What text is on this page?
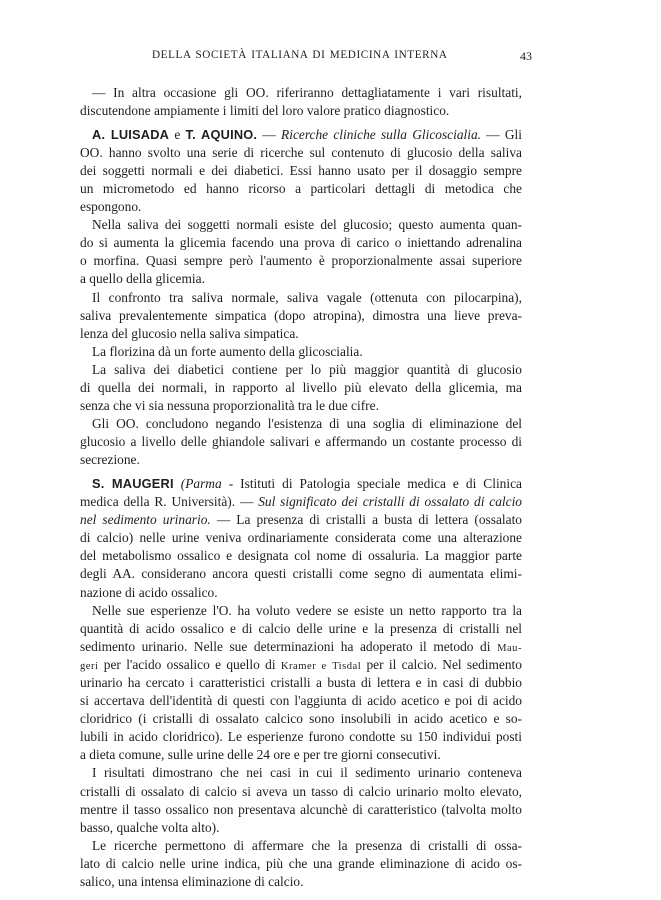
DELLA SOCIETÀ ITALIANA DI MEDICINA INTERNA	43
— In altra occasione gli OO. riferiranno dettagliatamente i vari risultati,
discutendone ampiamente i limiti del loro valore pratico diagnostico.
A. LUISADA e T. AQUINO. — Ricerche cliniche sulla Glicoscialia. — Gli
OO. hanno svolto una serie di ricerche sul contenuto di glucosio della saliva
dei soggetti normali e dei diabetici. Essi hanno usato per il dosaggio sempre
un micrometodo ed hanno ricorso a particolari dettagli di metodica che
espongono.
Nella saliva dei soggetti normali esiste del glucosio; questo aumenta quan-
do si aumenta la glicemia facendo una prova di carico o iniettando adrenalina
o morfina. Quasi sempre però l'aumento è proporzionalmente assai superiore
a quello della glicemia.
Il confronto tra saliva normale, saliva vagale (ottenuta con pilocarpina),
saliva prevalentemente simpatica (dopo atropina), dimostra una lieve preva-
lenza del glucosio nella saliva simpatica.
La florizina dà un forte aumento della glicoscialia.
La saliva dei diabetici contiene per lo più maggior quantità di glucosio
di quella dei normali, in rapporto al livello più elevato della glicemia, ma
senza che vi sia nessuna proporzionalità tra le due cifre.
Gli OO. concludono negando l'esistenza di una soglia di eliminazione del
glucosio a livello delle ghiandole salivari e affermando un costante processo di
secrezione.
S. MAUGERI (Parma - Istituti di Patologia speciale medica e di Clinica
medica della R. Università). — Sul significato dei cristalli di ossalato di calcio
nel sedimento urinario. — La presenza di cristalli a busta di lettera (ossalato
di calcio) nelle urine veniva ordinariamente considerata come una alterazione
del metabolismo ossalico e designata col nome di ossaluria. La maggior parte
degli AA. considerano ancora questi cristalli come segno di aumentata elimi-
nazione di acido ossalico.
Nelle sue esperienze l'O. ha voluto vedere se esiste un netto rapporto tra la
quantità di acido ossalico e di calcio delle urine e la presenza di cristalli nel
sedimento urinario. Nelle sue determinazioni ha adoperato il metodo di Mau-
geri per l'acido ossalico e quello di Kramer e Tisdal per il calcio. Nel sedimento
urinario ha cercato i caratteristici cristalli a busta di lettera e in casi di dubbio
si accertava dell'identità di questi con l'aggiunta di acido acetico e poi di acido
cloridrico (i cristalli di ossalato calcico sono insolubili in acido acetico e so-
lubili in acido cloridrico). Le esperienze furono condotte su 150 individui posti
a dieta comune, sulle urine delle 24 ore e per tre giorni consecutivi.
I risultati dimostrano che nei casi in cui il sedimento urinario conteneva
cristalli di ossalato di calcio si aveva un tasso di calcio urinario molto elevato,
mentre il tasso ossalico non presentava alcunchè di caratteristico (talvolta molto
basso, qualche volta alto).
Le ricerche permettono di affermare che la presenza di cristalli di ossa-
lato di calcio nelle urine indica, più che una grande eliminazione di acido os-
salico, una intensa eliminazione di calcio.
